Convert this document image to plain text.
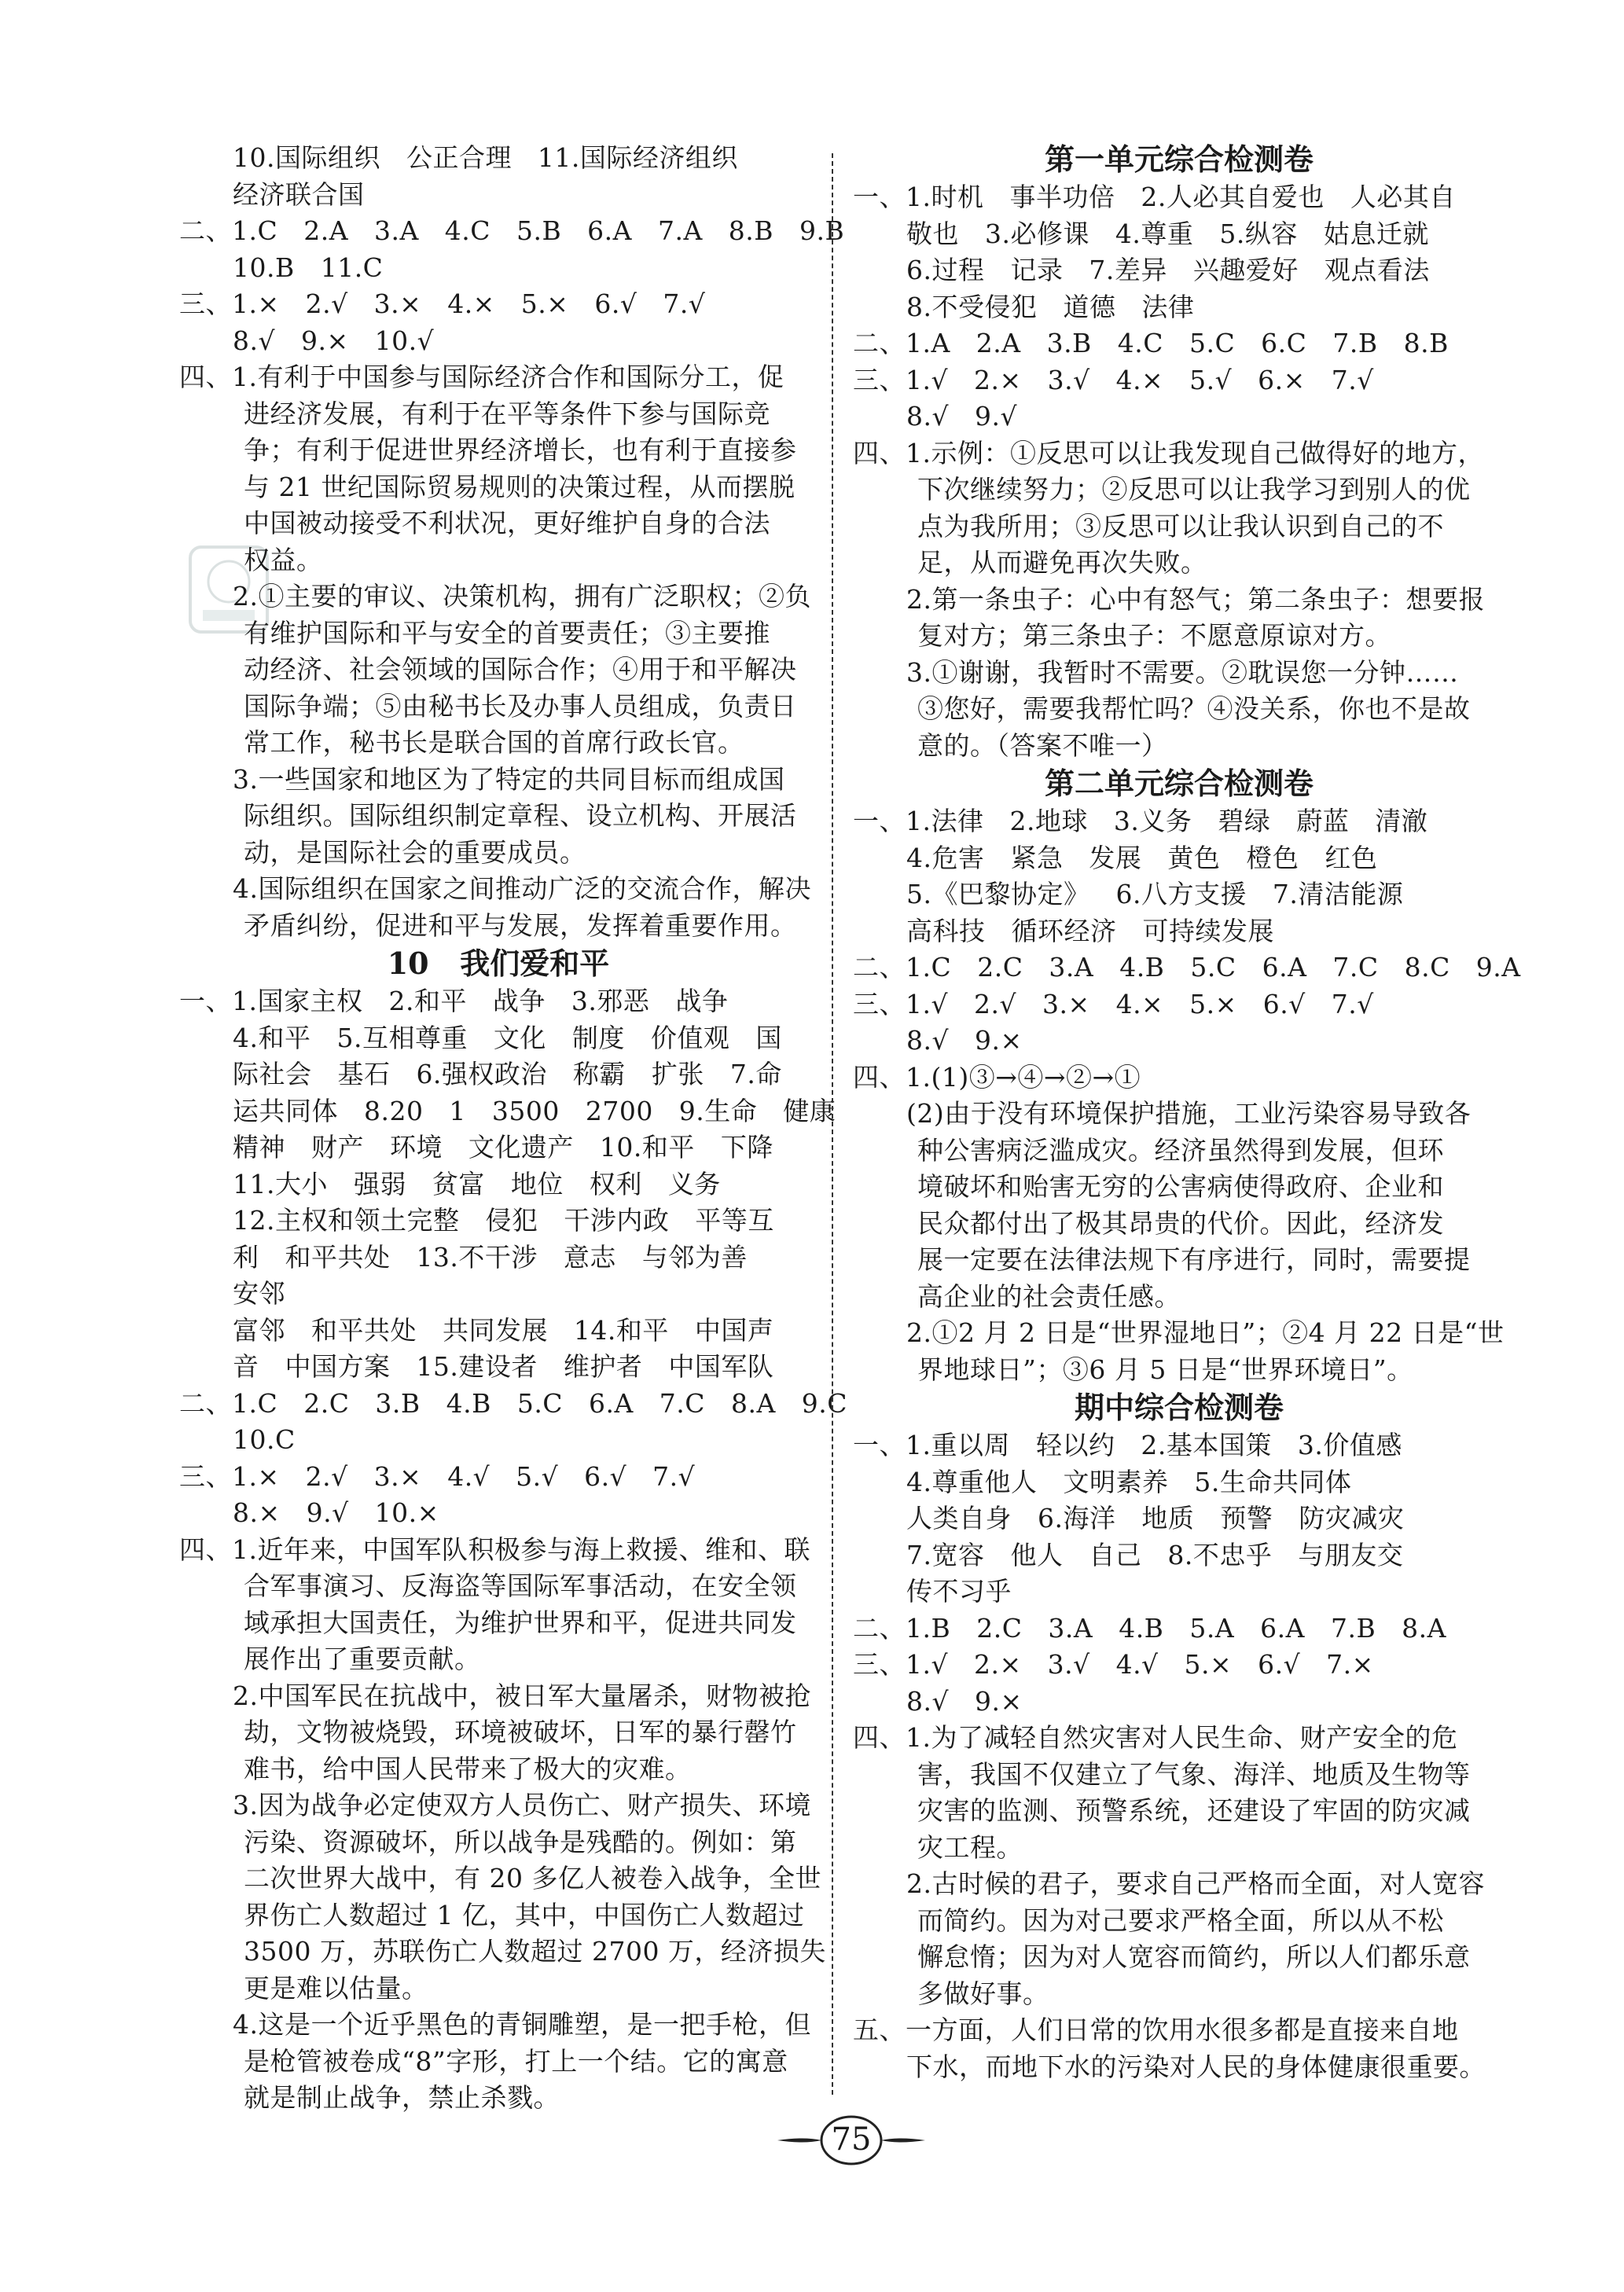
10.国际组织   公正合理   11.国际经济组织
经济联合国
二、1.C   2.A   3.A   4.C   5.B   6.A   7.A   8.B   9.B
10.B   11.C
三、1.×   2.√   3.×   4.×   5.×   6.√   7.√
8.√   9.×   10.√
四、1.有利于中国参与国际经济合作和国际分工，促
进经济发展，有利于在平等条件下参与国际竞
争；有利于促进世界经济增长，也有利于直接参
与 21 世纪国际贸易规则的决策过程，从而摆脱
中国被动接受不利状况，更好维护自身的合法
权益。
2.①主要的审议、决策机构，拥有广泛职权；②负
有维护国际和平与安全的首要责任；③主要推
动经济、社会领域的国际合作；④用于和平解决
国际争端；⑤由秘书长及办事人员组成，负责日
常工作，秘书长是联合国的首席行政长官。
3.一些国家和地区为了特定的共同目标而组成国
际组织。国际组织制定章程、设立机构、开展活
动，是国际社会的重要成员。
4.国际组织在国家之间推动广泛的交流合作，解决
矛盾纠纷，促进和平与发展，发挥着重要作用。
10   我们爱和平
一、1.国家主权   2.和平   战争   3.邪恶   战争
4.和平   5.互相尊重   文化   制度   价值观   国
际社会   基石   6.强权政治   称霸   扩张   7.命
运共同体   8.20   1   3500   2700   9.生命   健康
精神   财产   环境   文化遗产   10.和平   下降
11.大小   强弱   贫富   地位   权利   义务
12.主权和领土完整   侵犯   干涉内政   平等互
利   和平共处   13.不干涉   意志   与邻为善
安邻
富邻   和平共处   共同发展   14.和平   中国声
音   中国方案   15.建设者   维护者   中国军队
二、1.C   2.C   3.B   4.B   5.C   6.A   7.C   8.A   9.C
10.C
三、1.×   2.√   3.×   4.√   5.√   6.√   7.√
8.×   9.√   10.×
四、1.近年来，中国军队积极参与海上救援、维和、联
合军事演习、反海盗等国际军事活动，在安全领
域承担大国责任，为维护世界和平，促进共同发
展作出了重要贡献。
2.中国军民在抗战中，被日军大量屠杀，财物被抢
劫，文物被烧毁，环境被破坏，日军的暴行罄竹
难书，给中国人民带来了极大的灾难。
3.因为战争必定使双方人员伤亡、财产损失、环境
污染、资源破坏，所以战争是残酷的。例如：第
二次世界大战中，有 20 多亿人被卷入战争，全世
界伤亡人数超过 1 亿，其中，中国伤亡人数超过
3500 万，苏联伤亡人数超过 2700 万，经济损失
更是难以估量。
4.这是一个近乎黑色的青铜雕塑，是一把手枪，但
是枪管被卷成“8”字形，打上一个结。它的寓意
就是制止战争，禁止杀戮。
第一单元综合检测卷
一、1.时机   事半功倍   2.人必其自爱也   人必其自
敬也   3.必修课   4.尊重   5.纵容   姑息迁就
6.过程   记录   7.差异   兴趣爱好   观点看法
8.不受侵犯   道德   法律
二、1.A   2.A   3.B   4.C   5.C   6.C   7.B   8.B
三、1.√   2.×   3.√   4.×   5.√   6.×   7.√
8.√   9.√
四、1.示例：①反思可以让我发现自己做得好的地方，
下次继续努力；②反思可以让我学习到别人的优
点为我所用；③反思可以让我认识到自己的不
足，从而避免再次失败。
2.第一条虫子：心中有怒气；第二条虫子：想要报
复对方；第三条虫子：不愿意原谅对方。
3.①谢谢，我暂时不需要。②耽误您一分钟……
③您好，需要我帮忙吗？④没关系，你也不是故
意的。（答案不唯一）
第二单元综合检测卷
一、1.法律   2.地球   3.义务   碧绿   蔚蓝   清澈
4.危害   紧急   发展   黄色   橙色   红色
5.《巴黎协定》   6.八方支援   7.清洁能源
高科技   循环经济   可持续发展
二、1.C   2.C   3.A   4.B   5.C   6.A   7.C   8.C   9.A
三、1.√   2.√   3.×   4.×   5.×   6.√   7.√
8.√   9.×
四、1.(1)③→④→②→①
(2)由于没有环境保护措施，工业污染容易导致各
种公害病泛滥成灾。经济虽然得到发展，但环
境破坏和贻害无穷的公害病使得政府、企业和
民众都付出了极其昂贵的代价。因此，经济发
展一定要在法律法规下有序进行，同时，需要提
高企业的社会责任感。
2.①2 月 2 日是“世界湿地日”；②4 月 22 日是“世
界地球日”；③6 月 5 日是“世界环境日”。
期中综合检测卷
一、1.重以周   轻以约   2.基本国策   3.价值感
4.尊重他人   文明素养   5.生命共同体
人类自身   6.海洋   地质   预警   防灾减灾
7.宽容   他人   自己   8.不忠乎   与朋友交
传不习乎
二、1.B   2.C   3.A   4.B   5.A   6.A   7.B   8.A
三、1.√   2.×   3.√   4.√   5.×   6.√   7.×
8.√   9.×
四、1.为了减轻自然灾害对人民生命、财产安全的危
害，我国不仅建立了气象、海洋、地质及生物等
灾害的监测、预警系统，还建设了牢固的防灾减
灾工程。
2.古时候的君子，要求自己严格而全面，对人宽容
而简约。因为对己要求严格全面，所以从不松
懈怠惰；因为对人宽容而简约，所以人们都乐意
多做好事。
五、一方面，人们日常的饮用水很多都是直接来自地
下水，而地下水的污染对人民的身体健康很重要。
75
